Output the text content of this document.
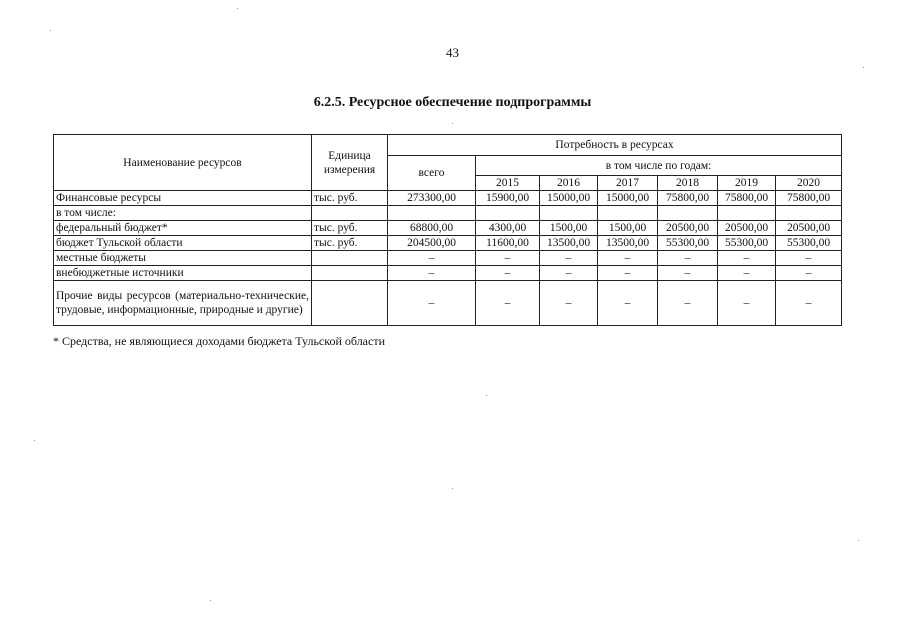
43
6.2.5. Ресурсное обеспечение подпрограммы
Наименование ресурсов	Единица измерения	Потребность в ресурсах						
		всего	в том числе по годам:					
			2015	2016	2017	2018	2019	2020
Финансовые ресурсы	тыс. руб.	273300,00	15900,00	15000,00	15000,00	75800,00	75800,00	75800,00
в том числе:								
федеральный бюджет*	тыс. руб.	68800,00	4300,00	1500,00	1500,00	20500,00	20500,00	20500,00
бюджет Тульской области	тыс. руб.	204500,00	11600,00	13500,00	13500,00	55300,00	55300,00	55300,00
местные бюджеты		–	–	–	–	–	–	–
внебюджетные источники		–	–	–	–	–	–	–
Прочие виды ресурсов (материально-технические, трудовые, информационные, природные и другие)		–	–	–	–	–	–	–
* Средства, не являющиеся доходами бюджета Тульской области
